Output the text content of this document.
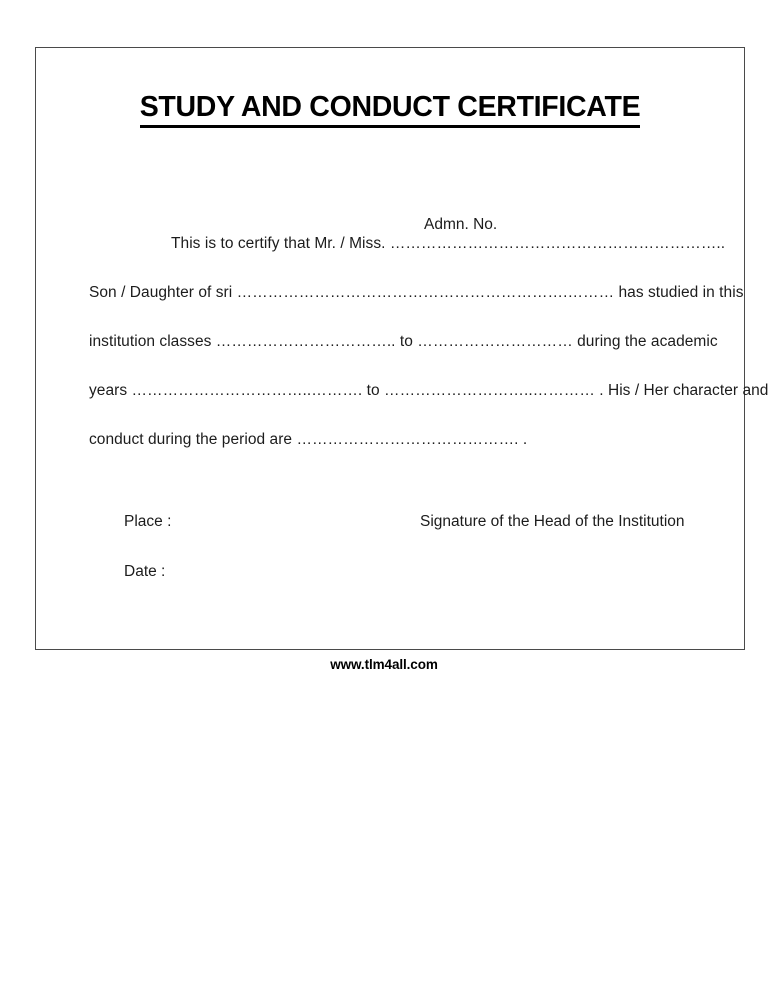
STUDY AND CONDUCT CERTIFICATE
Admn. No.
This is to certify that Mr. / Miss. ………………………………………………………..
Son / Daughter of sri ……………………………………………………….……… has studied in this
institution classes …………………………….. to ………………………… during the academic
years ……………………………..………. to ………………………..………… . His / Her character and
conduct during the period are ……………………………………. .
Place :	Signature of the Head of the Institution
Date :
www.tlm4all.com
